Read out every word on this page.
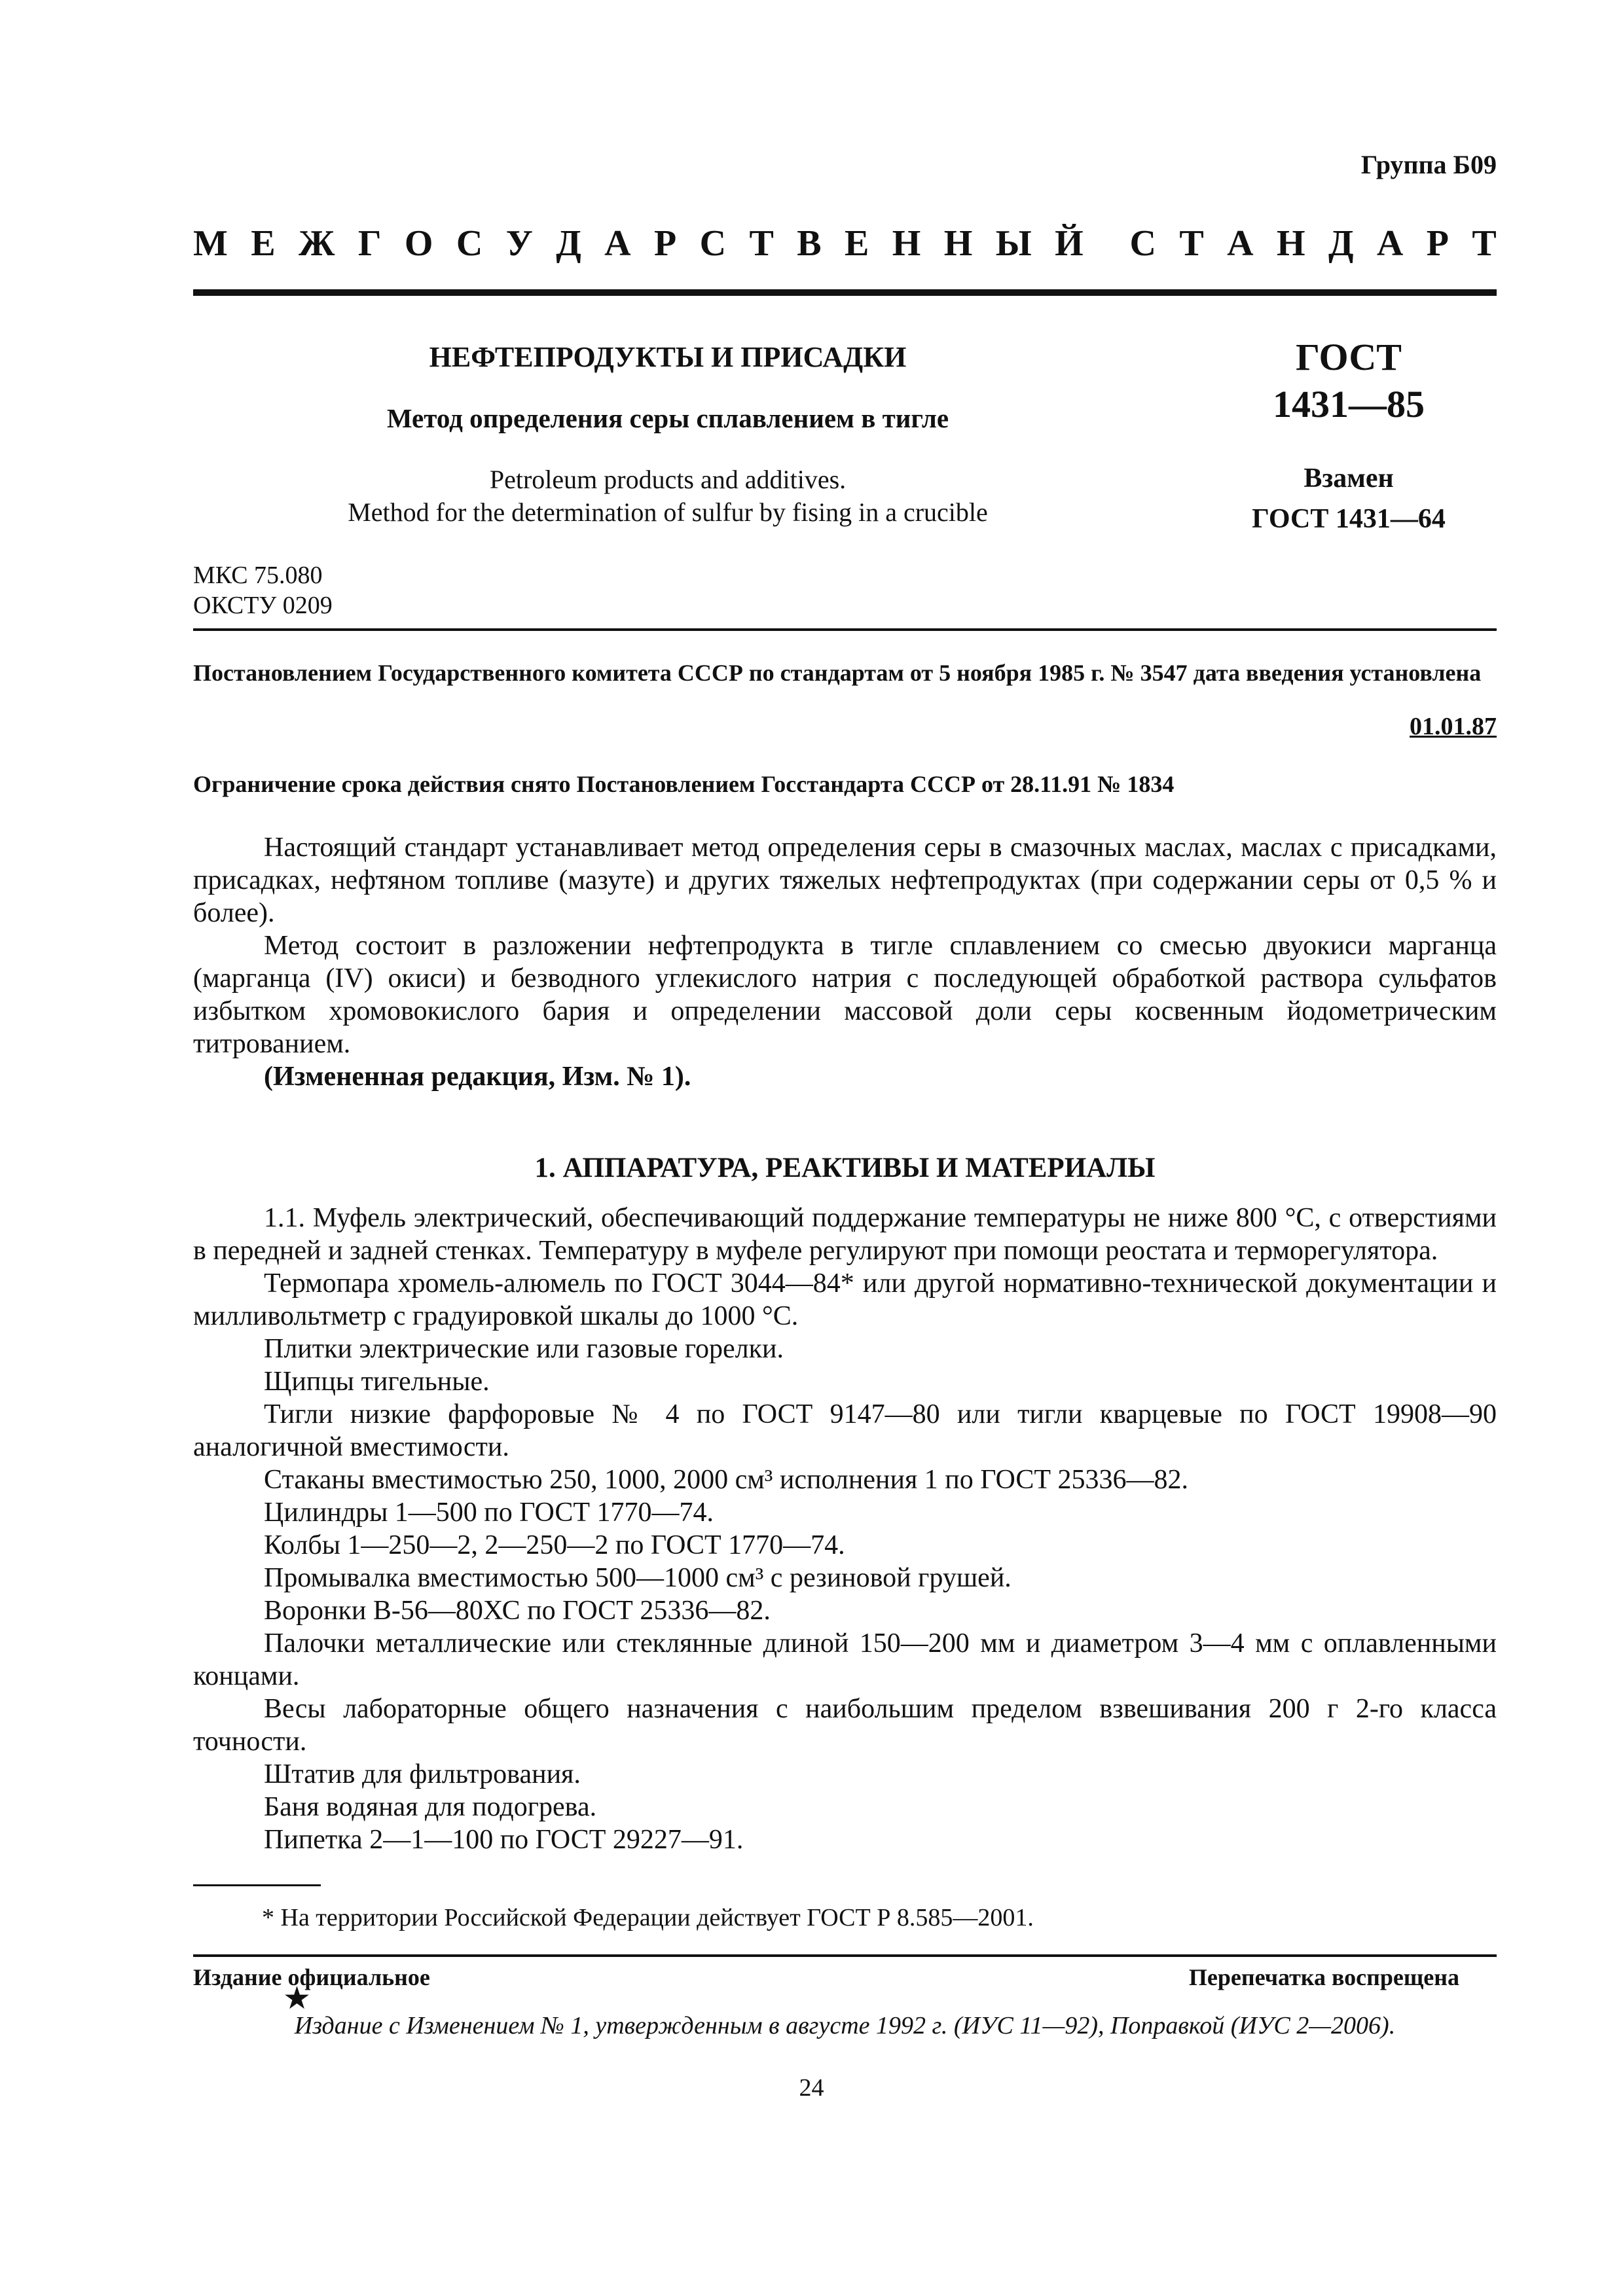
Группа Б09
М Е Ж Г О С У Д А Р С Т В Е Н Н Ы Й С Т А Н Д А Р Т
НЕФТЕПРОДУКТЫ И ПРИСАДКИ
Метод определения серы сплавлением в тигле
Petroleum products and additives.
Method for the determination of sulfur by fising in a crucible
ГОСТ
1431—85
Взамен
ГОСТ 1431—64
МКС 75.080
ОКСТУ 0209
Постановлением Государственного комитета СССР по стандартам от 5 ноября 1985 г. № 3547 дата введения установлена
01.01.87
Ограничение срока действия снято Постановлением Госстандарта СССР от 28.11.91 № 1834

Настоящий стандарт устанавливает метод определения серы в смазочных маслах, маслах с присадками, присадках, нефтяном топливе (мазуте) и других тяжелых нефтепродуктах (при содержании серы от 0,5 % и более).

Метод состоит в разложении нефтепродукта в тигле сплавлением со смесью двуокиси марганца (марганца (IV) окиси) и безводного углекислого натрия с последующей обработкой раствора сульфатов избытком хромовокислого бария и определении массовой доли серы косвенным йодометрическим титрованием.

(Измененная редакция, Изм. № 1).

1. АППАРАТУРА, РЕАКТИВЫ И МАТЕРИАЛЫ

1.1. Муфель электрический, обеспечивающий поддержание температуры не ниже 800 °С, с отверстиями в передней и задней стенках. Температуру в муфеле регулируют при помощи реостата и терморегулятора.

Термопара хромель-алюмель по ГОСТ 3044—84* или другой нормативно-технической документации и милливольтметр с градуировкой шкалы до 1000 °С.

Плитки электрические или газовые горелки.

Щипцы тигельные.

Тигли низкие фарфоровые № 4 по ГОСТ 9147—80 или тигли кварцевые по ГОСТ 19908—90 аналогичной вместимости.

Стаканы вместимостью 250, 1000, 2000 см³ исполнения 1 по ГОСТ 25336—82.

Цилиндры 1—500 по ГОСТ 1770—74.

Колбы 1—250—2, 2—250—2 по ГОСТ 1770—74.

Промывалка вместимостью 500—1000 см³ с резиновой грушей.

Воронки В-56—80ХС по ГОСТ 25336—82.

Палочки металлические или стеклянные длиной 150—200 мм и диаметром 3—4 мм с оплавленными концами.

Весы лабораторные общего назначения с наибольшим пределом взвешивания 200 г 2-го класса точности.

Штатив для фильтрования.

Баня водяная для подогрева.

Пипетка 2—1—100 по ГОСТ 29227—91.

* На территории Российской Федерации действует ГОСТ Р 8.585—2001.
Издание официальное
★
Перепечатка воспрещена
Издание с Изменением № 1, утвержденным в августе 1992 г. (ИУС 11—92), Поправкой (ИУС 2—2006).
24
